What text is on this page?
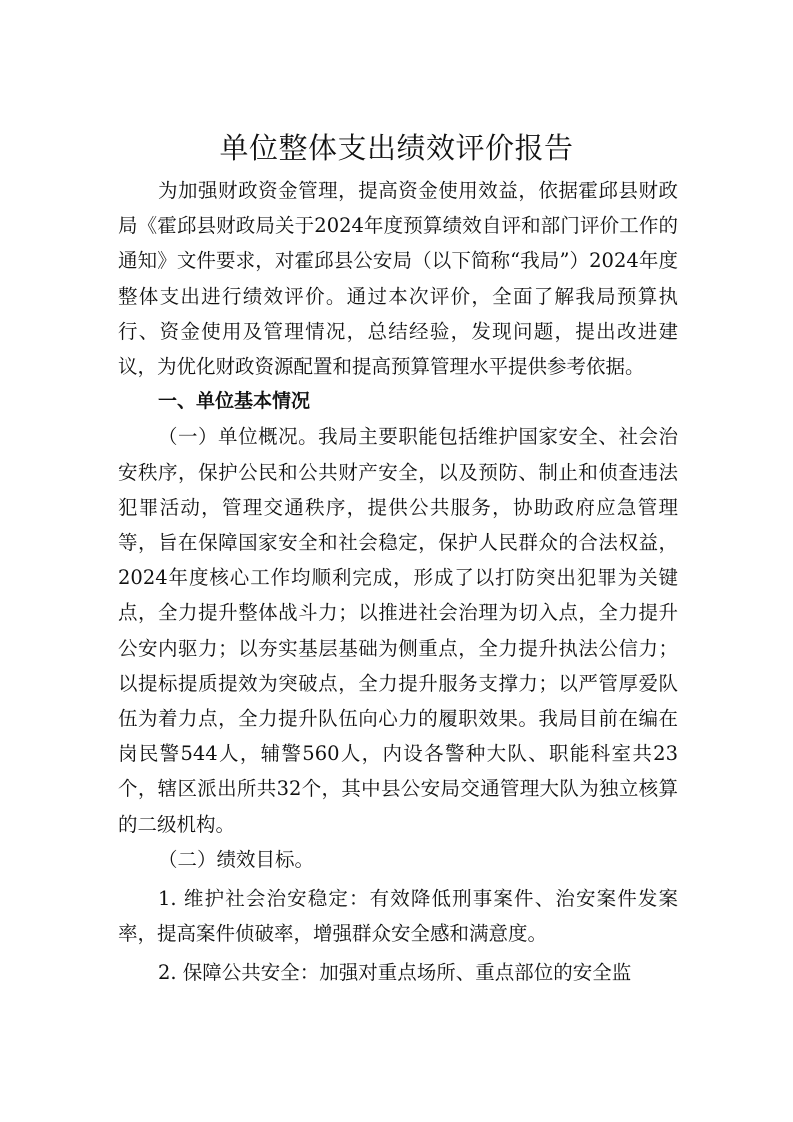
单位整体支出绩效评价报告

为加强财政资金管理，提高资金使用效益，依据霍邱县财政局《霍邱县财政局关于2024年度预算绩效自评和部门评价工作的通知》文件要求，对霍邱县公安局（以下简称“我局”）2024年度整体支出进行绩效评价。通过本次评价，全面了解我局预算执行、资金使用及管理情况，总结经验，发现问题，提出改进建议，为优化财政资源配置和提高预算管理水平提供参考依据。

一、单位基本情况

（一）单位概况。我局主要职能包括维护国家安全、社会治安秩序，保护公民和公共财产安全，以及预防、制止和侦查违法犯罪活动，管理交通秩序，提供公共服务，协助政府应急管理等，旨在保障国家安全和社会稳定，保护人民群众的合法权益，2024年度核心工作均顺利完成，形成了以打防突出犯罪为关键点，全力提升整体战斗力；以推进社会治理为切入点，全力提升公安内驱力；以夯实基层基础为侧重点，全力提升执法公信力；以提标提质提效为突破点，全力提升服务支撑力；以严管厚爱队伍为着力点，全力提升队伍向心力的履职效果。我局目前在编在岗民警544人，辅警560人，内设各警种大队、职能科室共23个，辖区派出所共32个，其中县公安局交通管理大队为独立核算的二级机构。

（二）绩效目标。

1. 维护社会治安稳定：有效降低刑事案件、治安案件发案率，提高案件侦破率，增强群众安全感和满意度。

2. 保障公共安全：加强对重点场所、重点部位的安全监
